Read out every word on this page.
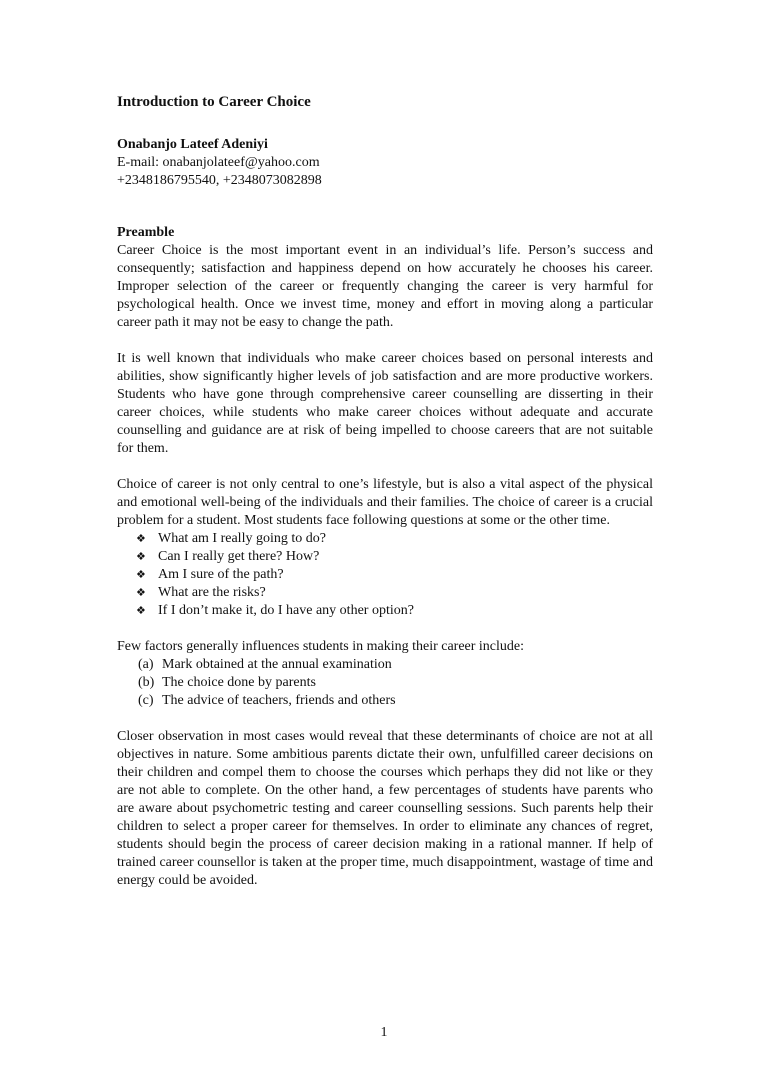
Introduction to Career Choice
Onabanjo Lateef Adeniyi
E-mail: onabanjolateef@yahoo.com
+2348186795540, +2348073082898
Preamble

Career Choice is the most important event in an individual’s life. Person’s success and consequently; satisfaction and happiness depend on how accurately he chooses his career. Improper selection of the career or frequently changing the career is very harmful for psychological health. Once we invest time, money and effort in moving along a particular career path it may not be easy to change the path.

It is well known that individuals who make career choices based on personal interests and abilities, show significantly higher levels of job satisfaction and are more productive workers. Students who have gone through comprehensive career counselling are disserting in their career choices, while students who make career choices without adequate and accurate counselling and guidance are at risk of being impelled to choose careers that are not suitable for them.

Choice of career is not only central to one’s lifestyle, but is also a vital aspect of the physical and emotional well-being of the individuals and their families. The choice of career is a crucial problem for a student. Most students face following questions at some or the other time.

❖ What am I really going to do?
❖ Can I really get there? How?
❖ Am I sure of the path?
❖ What are the risks?
❖ If I don’t make it, do I have any other option?

Few factors generally influences students in making their career include:

(a) Mark obtained at the annual examination
(b) The choice done by parents
(c) The advice of teachers, friends and others

Closer observation in most cases would reveal that these determinants of choice are not at all objectives in nature. Some ambitious parents dictate their own, unfulfilled career decisions on their children and compel them to choose the courses which perhaps they did not like or they are not able to complete. On the other hand, a few percentages of students have parents who are aware about psychometric testing and career counselling sessions. Such parents help their children to select a proper career for themselves. In order to eliminate any chances of regret, students should begin the process of career decision making in a rational manner. If help of trained career counsellor is taken at the proper time, much disappointment, wastage of time and energy could be avoided.

1
